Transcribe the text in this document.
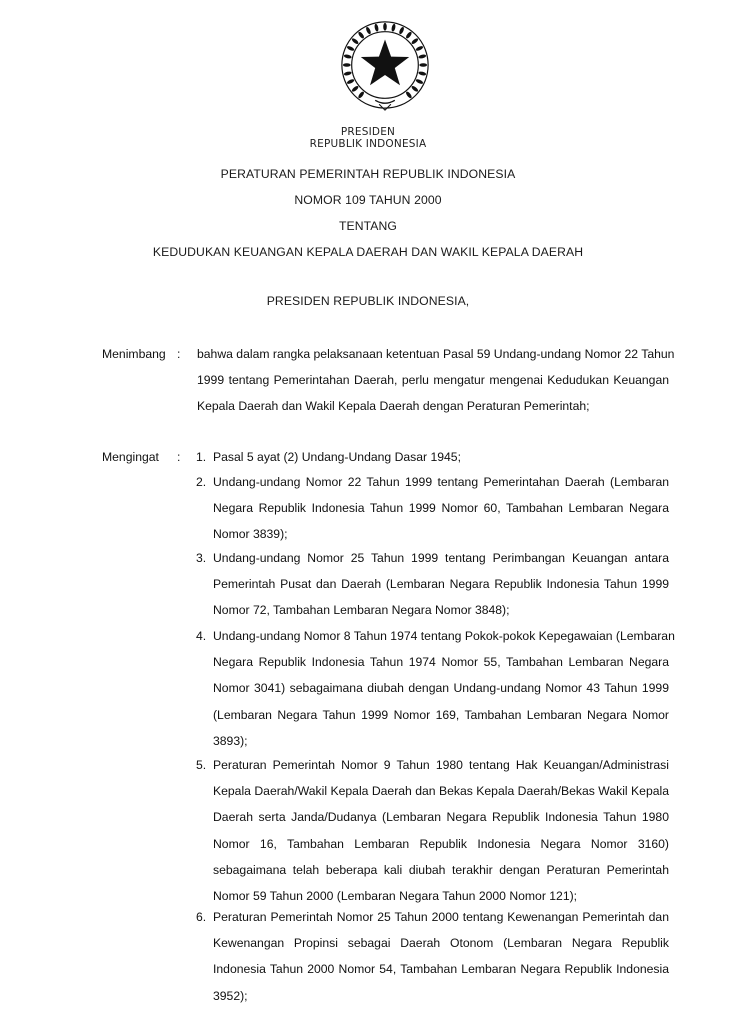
PRESIDEN
REPUBLIK INDONESIA
PERATURAN PEMERINTAH REPUBLIK INDONESIA
NOMOR 109 TAHUN 2000
TENTANG
KEDUDUKAN KEUANGAN KEPALA DAERAH DAN WAKIL KEPALA DAERAH
PRESIDEN REPUBLIK INDONESIA,
Menimbang : bahwa dalam rangka pelaksanaan ketentuan Pasal 59 Undang-undang Nomor 22 Tahun
1999 tentang Pemerintahan Daerah, perlu mengatur mengenai Kedudukan Keuangan
Kepala Daerah dan Wakil Kepala Daerah dengan Peraturan Pemerintah;
Mengingat : 1. Pasal 5 ayat (2) Undang-Undang Dasar 1945;
2. Undang-undang Nomor 22 Tahun 1999 tentang Pemerintahan Daerah (Lembaran
Negara Republik Indonesia Tahun 1999 Nomor 60, Tambahan Lembaran Negara
Nomor 3839);
3. Undang-undang Nomor 25 Tahun 1999 tentang Perimbangan Keuangan antara
Pemerintah Pusat dan Daerah (Lembaran Negara Republik Indonesia Tahun 1999
Nomor 72, Tambahan Lembaran Negara Nomor 3848);
4. Undang-undang Nomor 8 Tahun 1974 tentang Pokok-pokok Kepegawaian (Lembaran
Negara Republik Indonesia Tahun 1974 Nomor 55, Tambahan Lembaran Negara
Nomor 3041) sebagaimana diubah dengan Undang-undang Nomor 43 Tahun 1999
(Lembaran Negara Tahun 1999 Nomor 169, Tambahan Lembaran Negara Nomor
3893);
5. Peraturan Pemerintah Nomor 9 Tahun 1980 tentang Hak Keuangan/Administrasi
Kepala Daerah/Wakil Kepala Daerah dan Bekas Kepala Daerah/Bekas Wakil Kepala
Daerah serta Janda/Dudanya (Lembaran Negara Republik Indonesia Tahun 1980
Nomor 16, Tambahan Lembaran Republik Indonesia Negara Nomor 3160)
sebagaimana telah beberapa kali diubah terakhir dengan Peraturan Pemerintah
Nomor 59 Tahun 2000 (Lembaran Negara Tahun 2000 Nomor 121);
6. Peraturan Pemerintah Nomor 25 Tahun 2000 tentang Kewenangan Pemerintah dan
Kewenangan Propinsi sebagai Daerah Otonom (Lembaran Negara Republik
Indonesia Tahun 2000 Nomor 54, Tambahan Lembaran Negara Republik Indonesia
3952);
